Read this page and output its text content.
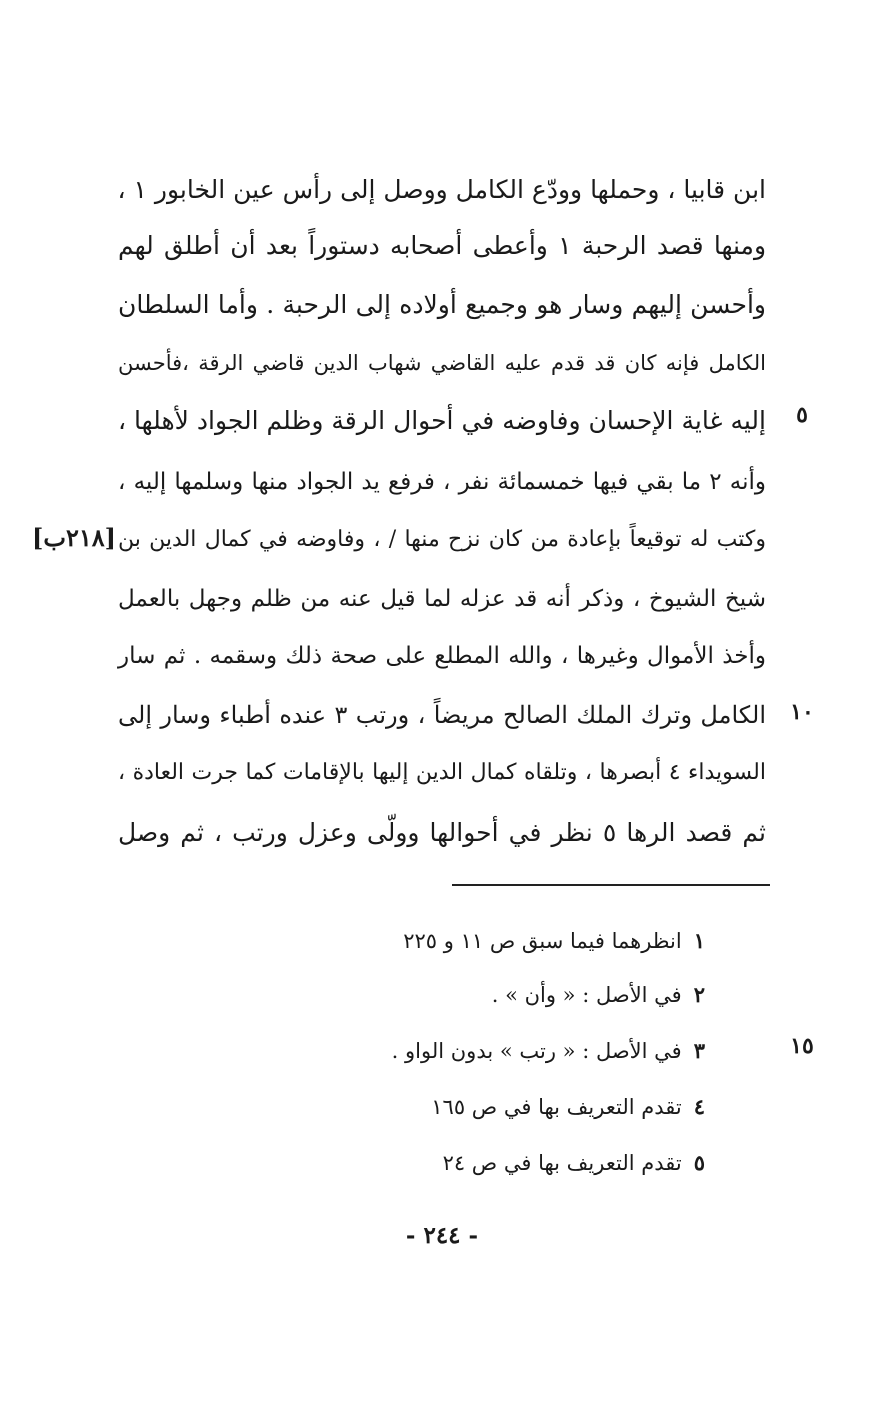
ابن قابيا ، وحملها وودّع الكامل ووصل إلى رأس عين الخابور ١ ،
ومنها قصد الرحبة ١ وأعطى أصحابه دستوراً بعد أن أطلق لهم
وأحسن إليهم وسار هو وجميع أولاده إلى الرحبة . وأما السلطان
الكامل فإنه كان قد قدم عليه القاضي شهاب الدين قاضي الرقة ،فأحسن
إليه غاية الإحسان وفاوضه في أحوال الرقة وظلم الجواد لأهلها ،
وأنه ٢ ما بقي فيها خمسمائة نفر ، فرفع يد الجواد منها وسلمها إليه ،
وكتب له توقيعاً بإعادة من كان نزح منها / ، وفاوضه في كمال الدين بن
شيخ الشيوخ ، وذكر أنه قد عزله لما قيل عنه من ظلم وجهل بالعمل
وأخذ الأموال وغيرها ، والله المطلع على صحة ذلك وسقمه . ثم سار
الكامل وترك الملك الصالح مريضاً ، ورتب ٣ عنده أطباء وسار إلى
السويداء ٤ أبصرها ، وتلقاه كمال الدين إليها بالإقامات كما جرت العادة ،
ثم قصد الرها ٥ نظر في أحوالها وولّى وعزل ورتب ، ثم وصل
٥
١٠
١٥
[٢١٨ب]
١انظرهما فيما سبق ص ١١ و ٢٢٥
٢في الأصل : « وأن » .
٣في الأصل : « رتب » بدون الواو .
٤تقدم التعريف بها في ص ١٦٥
٥تقدم التعريف بها في ص ٢٤
- ٢٤٤ -
